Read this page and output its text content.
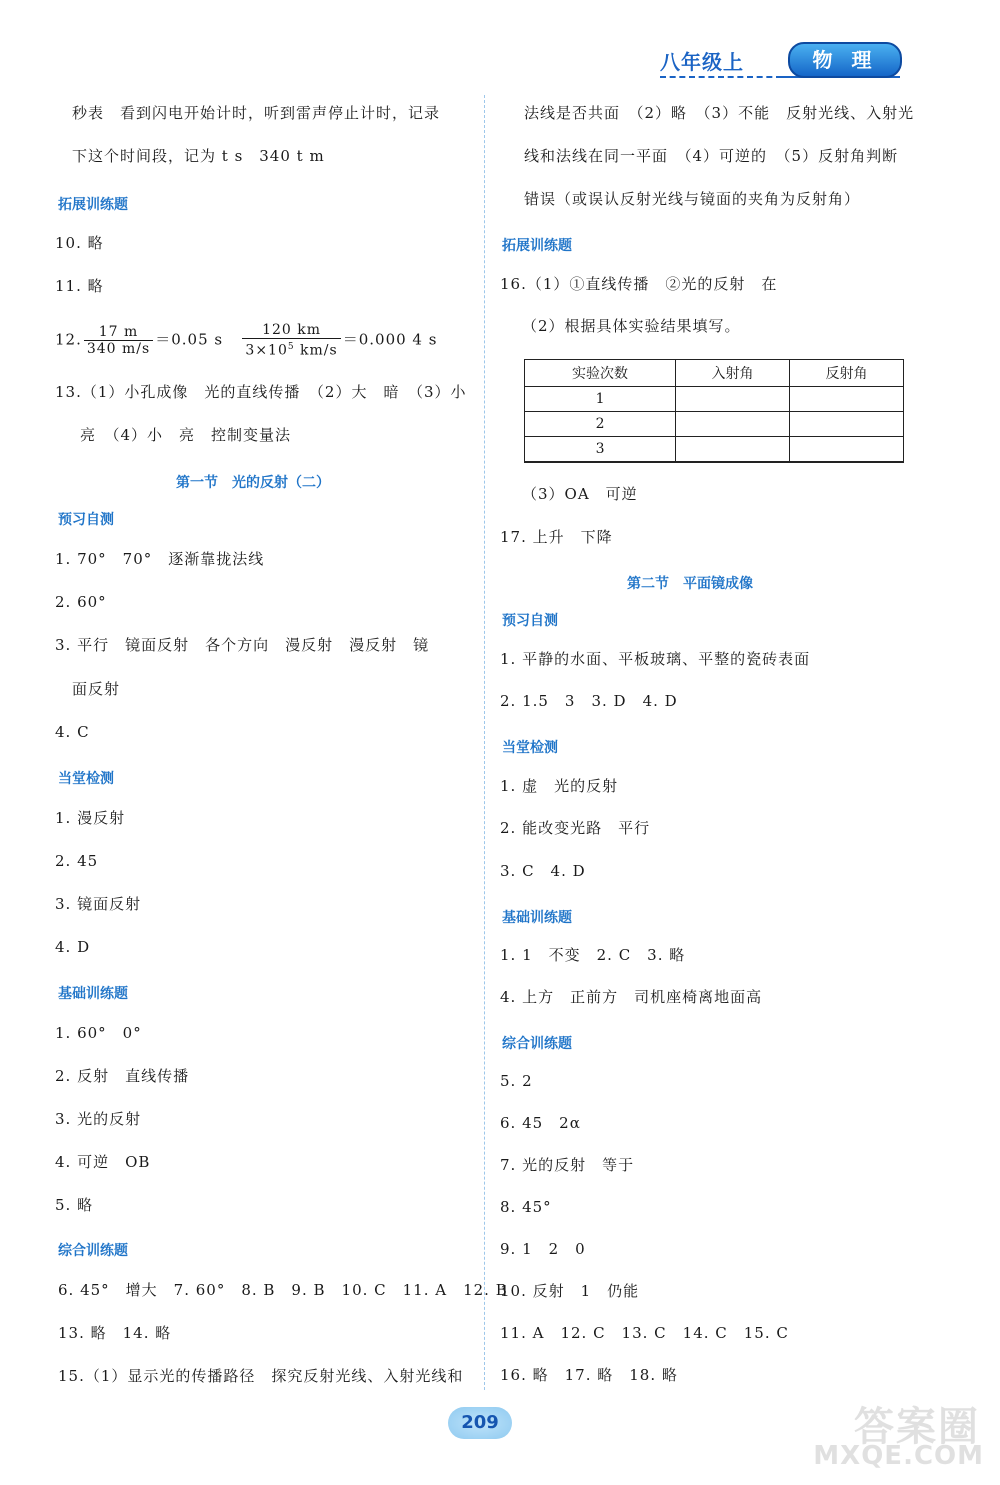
八年级上	物 理
秒表　看到闪电开始计时，听到雷声停止计时，记录
下这个时间段，记为 t s　340 t m
拓展训练题
10. 略
11. 略
12. $\frac{17 m}{340 m/s} =0.05$ s $\frac{120 km}{3\times 10^5 km/s} =0.000$ 4 s
13.（1）小孔成像　光的直线传播　（2）大　暗　（3）小
亮　（4）小　亮　控制变量法
第一节　光的反射（二）
预习自测
1. 70°　70°　逐渐靠拢法线
2. 60°
3. 平行　镜面反射　各个方向　漫反射　漫反射　镜
面反射
4. C
当堂检测
1. 漫反射
2. 45
3. 镜面反射
4. D
基础训练题
1. 60°　0°
2. 反射　直线传播
3. 光的反射
4. 可逆　OB
5. 略
综合训练题
6. 45°　增大　7. 60°　8. B　9. B　10. C　11. A　12. B
13. 略　14. 略
15.（1）显示光的传播路径　探究反射光线、入射光线和
法线是否共面　（2）略　（3）不能　反射光线、入射光
线和法线在同一平面　（4）可逆的　（5）反射角判断
错误（或误认反射光线与镜面的夹角为反射角）
拓展训练题
16.（1）①直线传播　②光的反射　在
（2）根据具体实验结果填写。
实验次数	入射角	反射角
1		
2		
3		
（3）OA　可逆
17. 上升　下降
第二节　平面镜成像
预习自测
1. 平静的水面、平板玻璃、平整的瓷砖表面
2. 1.5　3　3. D　4. D
当堂检测
1. 虚　光的反射
2. 能改变光路　平行
3. C　4. D
基础训练题
1. 1　不变　2. C　3. 略
4. 上方　正前方　司机座椅离地面高
综合训练题
5. 2
6. 45　2α
7. 光的反射　等于
8. 45°
9. 1　2　0
10. 反射　1　仍能
11. A　12. C　13. C　14. C　15. C
16. 略　17. 略　18. 略
209	答案圈
MXQE.COM
